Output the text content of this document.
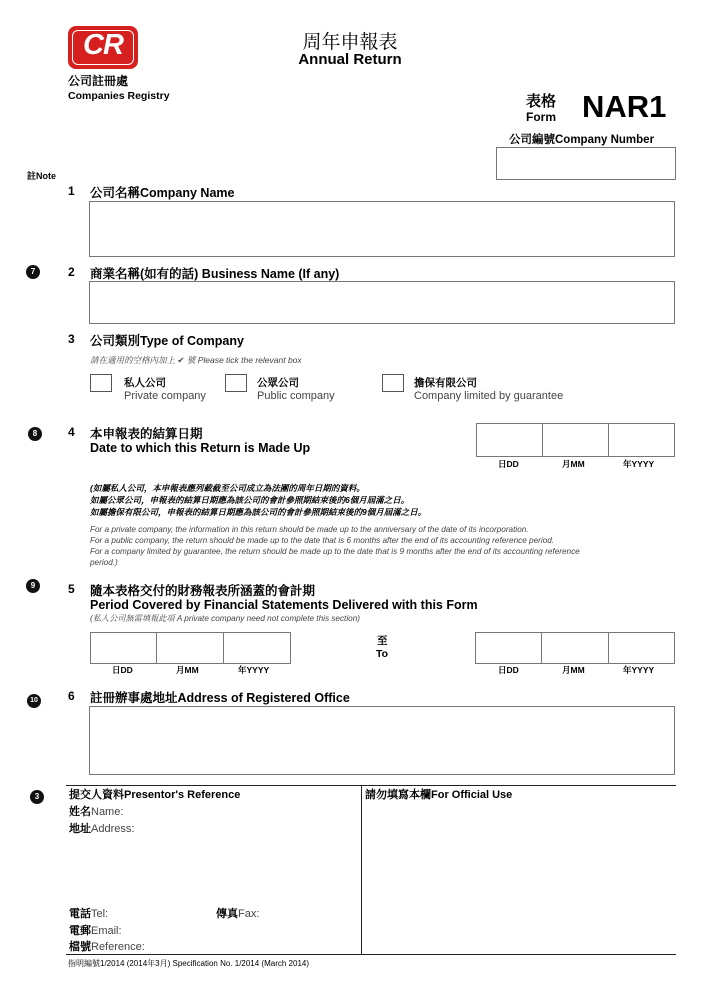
CR
公司註冊處
Companies Registry
周年申報表
Annual Return
表格
Form NAR1
公司編號Company Number
註Note
1 公司名稱Company Name
7	2 商業名稱(如有的話) Business Name (If any)
3 公司類別Type of Company
請在適用的空格內加上 ✔ 號 Please tick the relevant box
私人公司
Private company
公眾公司
Public company
擔保有限公司
Company limited by guarantee
8	4 本申報表的結算日期
Date to which this Return is Made Up
日DD	月MM	年YYYY
(如屬私人公司，本申報表應列載截至公司成立為法團的周年日期的資料。
如屬公眾公司，申報表的結算日期應為該公司的會計參照期結束後的6個月屆滿之日。
如屬擔保有限公司，申報表的結算日期應為該公司的會計參照期結束後的9個月屆滿之日。
For a private company, the information in this return should be made up to the anniversary of the date of its incorporation.
For a public company, the return should be made up to the date that is 6 months after the end of its accounting reference period.
For a company limited by guarantee, the return should be made up to the date that is 9 months after the end of its accounting reference
period.)
9	5 隨本表格交付的財務報表所涵蓋的會計期
Period Covered by Financial Statements Delivered with this Form
(私人公司無需填報此項 A private company need not complete this section)
日DD	月MM	年YYYY
至
To
日DD	月MM	年YYYY
10	6 註冊辦事處地址Address of Registered Office
3	提交人資料Presentor's Reference	請勿填寫本欄For Official Use
姓名Name:
地址Address:
電話Tel:	傳真Fax:
電郵Email:
檔號Reference:
指明編號1/2014 (2014年3月) Specification No. 1/2014 (March 2014)
